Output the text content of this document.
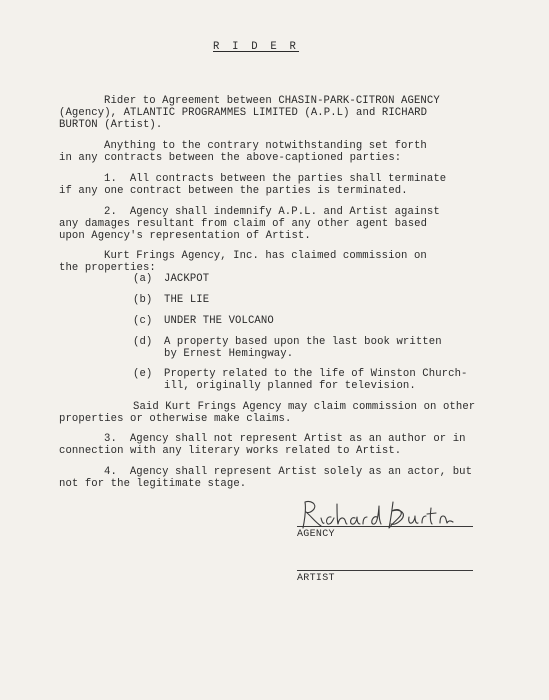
R I D E R
Rider to Agreement between CHASIN-PARK-CITRON AGENCY
(Agency), ATLANTIC PROGRAMMES LIMITED (A.P.L) and RICHARD
BURTON (Artist).
Anything to the contrary notwithstanding set forth
in any contracts between the above-captioned parties:
1.  All contracts between the parties shall terminate
if any one contract between the parties is terminated.
2.  Agency shall indemnify A.P.L. and Artist against
any damages resultant from claim of any other agent based
upon Agency's representation of Artist.
Kurt Frings Agency, Inc. has claimed commission on
the properties:
(a) JACKPOT
(b) THE LIE
(c) UNDER THE VOLCANO
(d) A property based upon the last book written
by Ernest Hemingway.
(e) Property related to the life of Winston Church-
ill, originally planned for television.
Said Kurt Frings Agency may claim commission on other
properties or otherwise make claims.
3.  Agency shall not represent Artist as an author or in
connection with any literary works related to Artist.
4.  Agency shall represent Artist solely as an actor, but
not for the legitimate stage.
AGENCY
ARTIST
